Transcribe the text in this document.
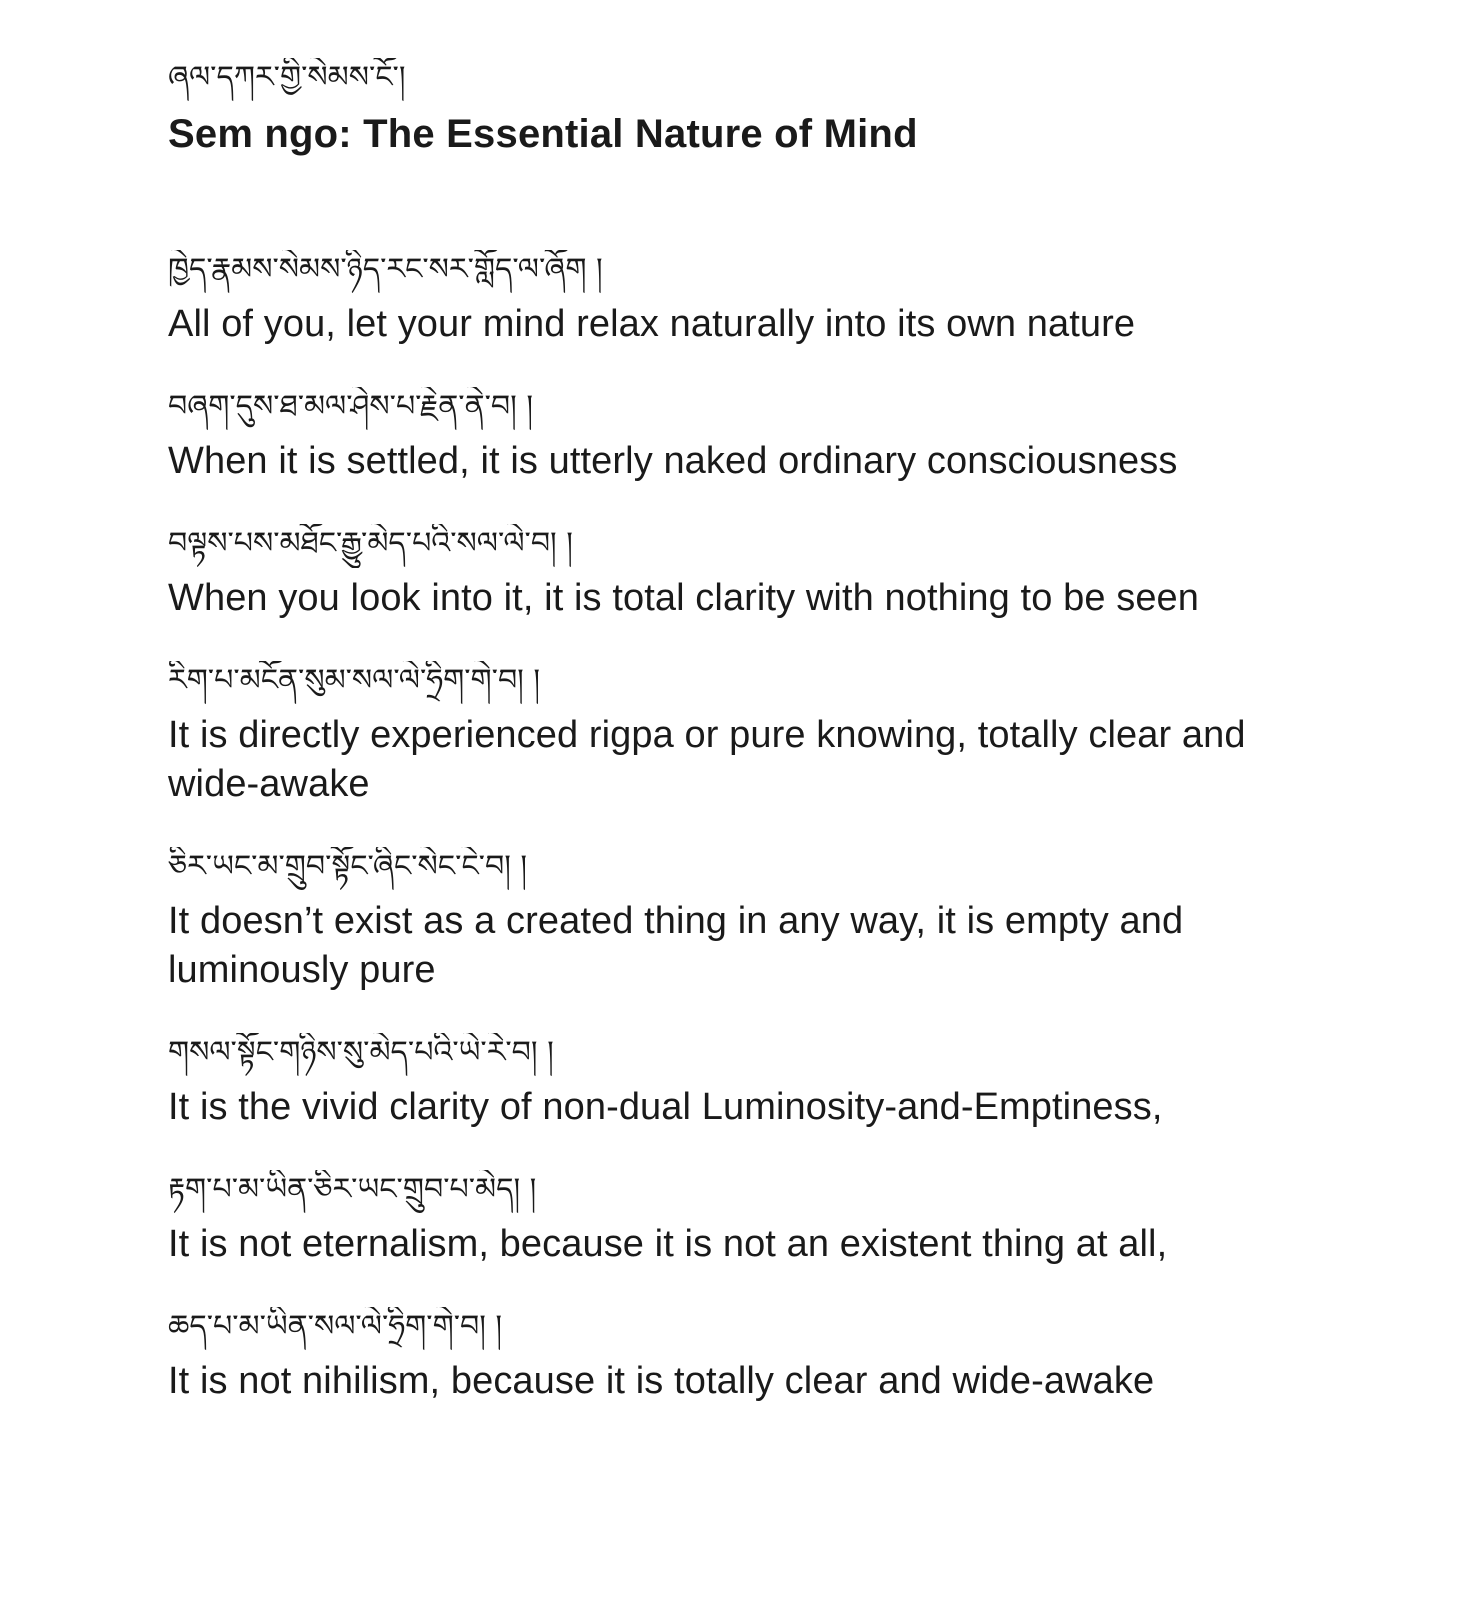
ཞལ་དཀར་གྱི་སེམས་ངོ་།
Sem ngo: The Essential Nature of Mind
ཁྱེད་རྣམས་སེམས་ཉིད་རང་སར་གློད་ལ་ཞོག །
All of you, let your mind relax naturally into its own nature
བཞག་དུས་ཐ་མལ་ཤེས་པ་རྗེན་ནེ་བ། །
When it is settled, it is utterly naked ordinary consciousness
བལྟས་པས་མཐོང་རྒྱུ་མེད་པའི་སལ་ལེ་བ། །
When you look into it, it is total clarity with nothing to be seen
རིག་པ་མངོན་སུམ་སལ་ལེ་ཧྲིག་གེ་བ། །
It is directly experienced rigpa or pure knowing, totally clear and wide-awake
ཅིར་ཡང་མ་གྲུབ་སྟོང་ཞིང་སེང་ངེ་བ། །
It doesn’t exist as a created thing in any way, it is empty and luminously pure
གསལ་སྟོང་གཉིས་སུ་མེད་པའི་ཡེ་རེ་བ། །
It is the vivid clarity of non-dual Luminosity-and-Emptiness,
རྟག་པ་མ་ཡིན་ཅིར་ཡང་གྲུབ་པ་མེད། །
It is not eternalism, because it is not an existent thing at all,
ཆད་པ་མ་ཡིན་སལ་ལེ་ཧྲིག་གེ་བ། །
It is not nihilism, because it is totally clear and wide-awake
